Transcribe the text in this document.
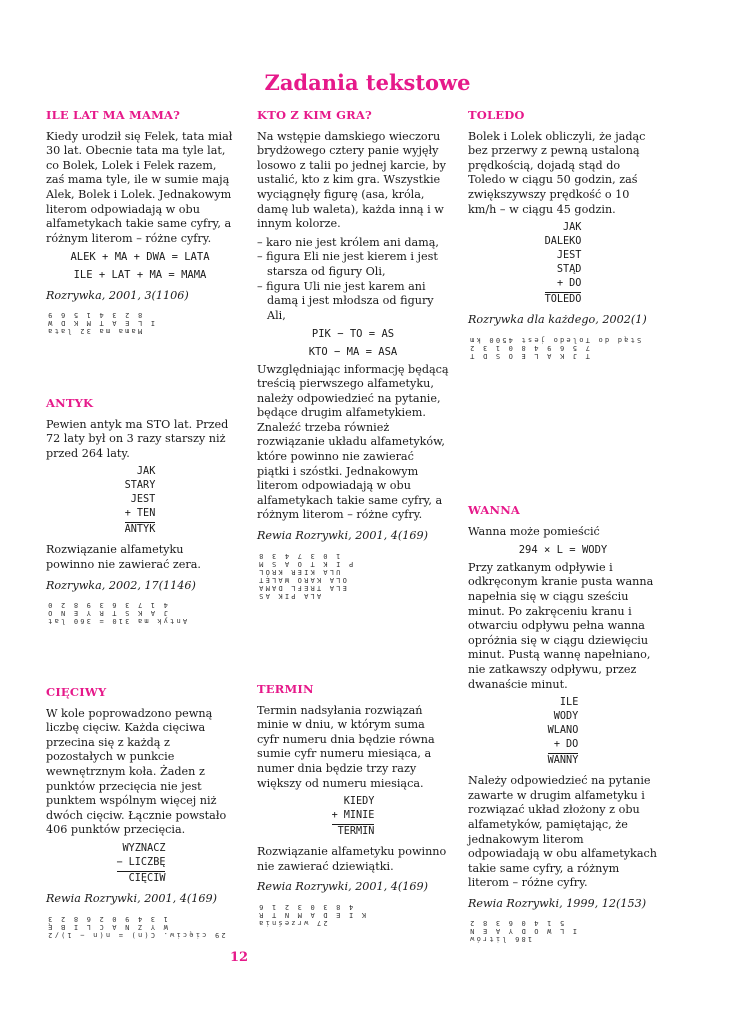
Zadania tekstowe
ILE LAT MA MAMA?

Kiedy urodził się Felek, tata miał 30 lat. Obecnie tata ma tyle lat, co Bolek, Lolek i Felek razem, zaś mama tyle, ile w sumie mają Alek, Bolek i Lolek. Jednakowym literom odpowiadają w obu alfametykach takie same cyfry, a różnym literom – różne cyfry.

ALEK + MA + DWA = LATA
ILE + LAT + MA = MAMA
Rozrywka, 2001, 3(1106)
8 2 3 4 1 5 6 9
I L E A T M K D W
Mama ma 32 lata
KTO Z KIM GRA?

Na wstępie damskiego wieczoru brydżowego cztery panie wyjęły losowo z talii po jednej karcie, by ustalić, kto z kim gra. Wszystkie wyciągnęły figurę (asa, króla, damę lub waleta), każda inną i w innym kolorze.

– karo nie jest królem ani damą,
– figura Eli nie jest kierem i jest starsza od figury Oli,
– figura Uli nie jest karem ani damą i jest młodsza od figury Ali,
PIK − TO = AS
KTO − MA = ASA

Uwzględniając informację będącą treścią pierwszego alfametyku, należy odpowiedzieć na pytanie, będące drugim alfametykiem. Znaleźć trzeba również rozwiązanie układu alfametyków, które powinno nie zawierać piątki i szóstki. Jednakowym literom odpowiadają w obu alfametykach takie same cyfry, a różnym literom – różne cyfry.

Rewia Rozrywki, 2001, 4(169)
1 0 3 7 4 3 8
P I K T O A S M
ULA KIER KRÓL
OLA KARO WALET
ELA TREFL DAMA
ALA PIK AS
TOLEDO

Bolek i Lolek obliczyli, że jadąc bez przerwy z pewną ustaloną prędkością, dojadą stąd do Toledo w ciągu 50 godzin, zaś zwiększywszy prędkość o 10 km/h – w ciągu 45 godzin.

JAK
DALEKO
JEST
STĄD
+ DO
TOLEDO
Rozrywka dla każdego, 2002(1)
Stąd do Toledo jest 4500 km
7 5 6 9 4 8 0 1 3 2
T J K A L E O S D T
ANTYK

Pewien antyk ma STO lat. Przed 72 laty był on 3 razy starszy niż przed 264 laty.

JAK
STARY
JEST
+ TEN
ANTYK

Rozwiązanie alfametyku powinno nie zawierać zera.

Rozrywka, 2002, 17(1146)
4 1 7 3 6 3 9 8 2 0
J A K S T R Y E N O
Antyk ma 310 = 360 lat
WANNA

Wanna może pomieścić

294 × L = WODY

Przy zatkanym odpływie i odkręconym kranie pusta wanna napełnia się w ciągu sześciu minut. Po zakręceniu kranu i otwarciu odpływu pełna wanna opróżnia się w ciągu dziewięciu minut. Pustą wannę napełniano, nie zatkawszy odpływu, przez dwanaście minut.

ILE
WODY
WLANO
+ DO
WANNY

Należy odpowiedzieć na pytanie zawarte w drugim alfametyku i rozwiązać układ złożony z obu alfametyków, pamiętając, że jednakowym literom odpowiadają w obu alfametykach takie same cyfry, a różnym literom – różne cyfry.

Rewia Rozrywki, 1999, 12(153)
5 1 4 0 6 3 8 2
I L W O D Y A E N
186 litrów
CIĘCIWY

W kole poprowadzono pewną liczbę cięciw. Każda cięciwa przecina się z każdą z pozostałych w punkcie wewnętrznym koła. Żaden z punktów przecięcia nie jest punktem wspólnym więcej niż dwóch cięciw. Łącznie powstało 406 punktów przecięcia.

WYZNACZ
− LICZBĘ
CIĘCIW
Rewia Rozrywki, 2001, 4(169)
1 3 4 9 0 2 6 8 2 3
W Y Z N A C L I B Ę
29 cięciw. C(n) = n(n − 1)/2
TERMIN

Termin nadsyłania rozwiązań minie w dniu, w którym suma cyfr numeru dnia będzie równa sumie cyfr numeru miesiąca, a numer dnia będzie trzy razy większy od numeru miesiąca.

KIEDY
+ MINIE
TERMIN

Rozwiązanie alfametyku powinno nie zawierać dziewiątki.

Rewia Rozrywki, 2001, 4(169)
4 8 3 0 3 2 1 6
K I E D A M N T R
27 września
12
